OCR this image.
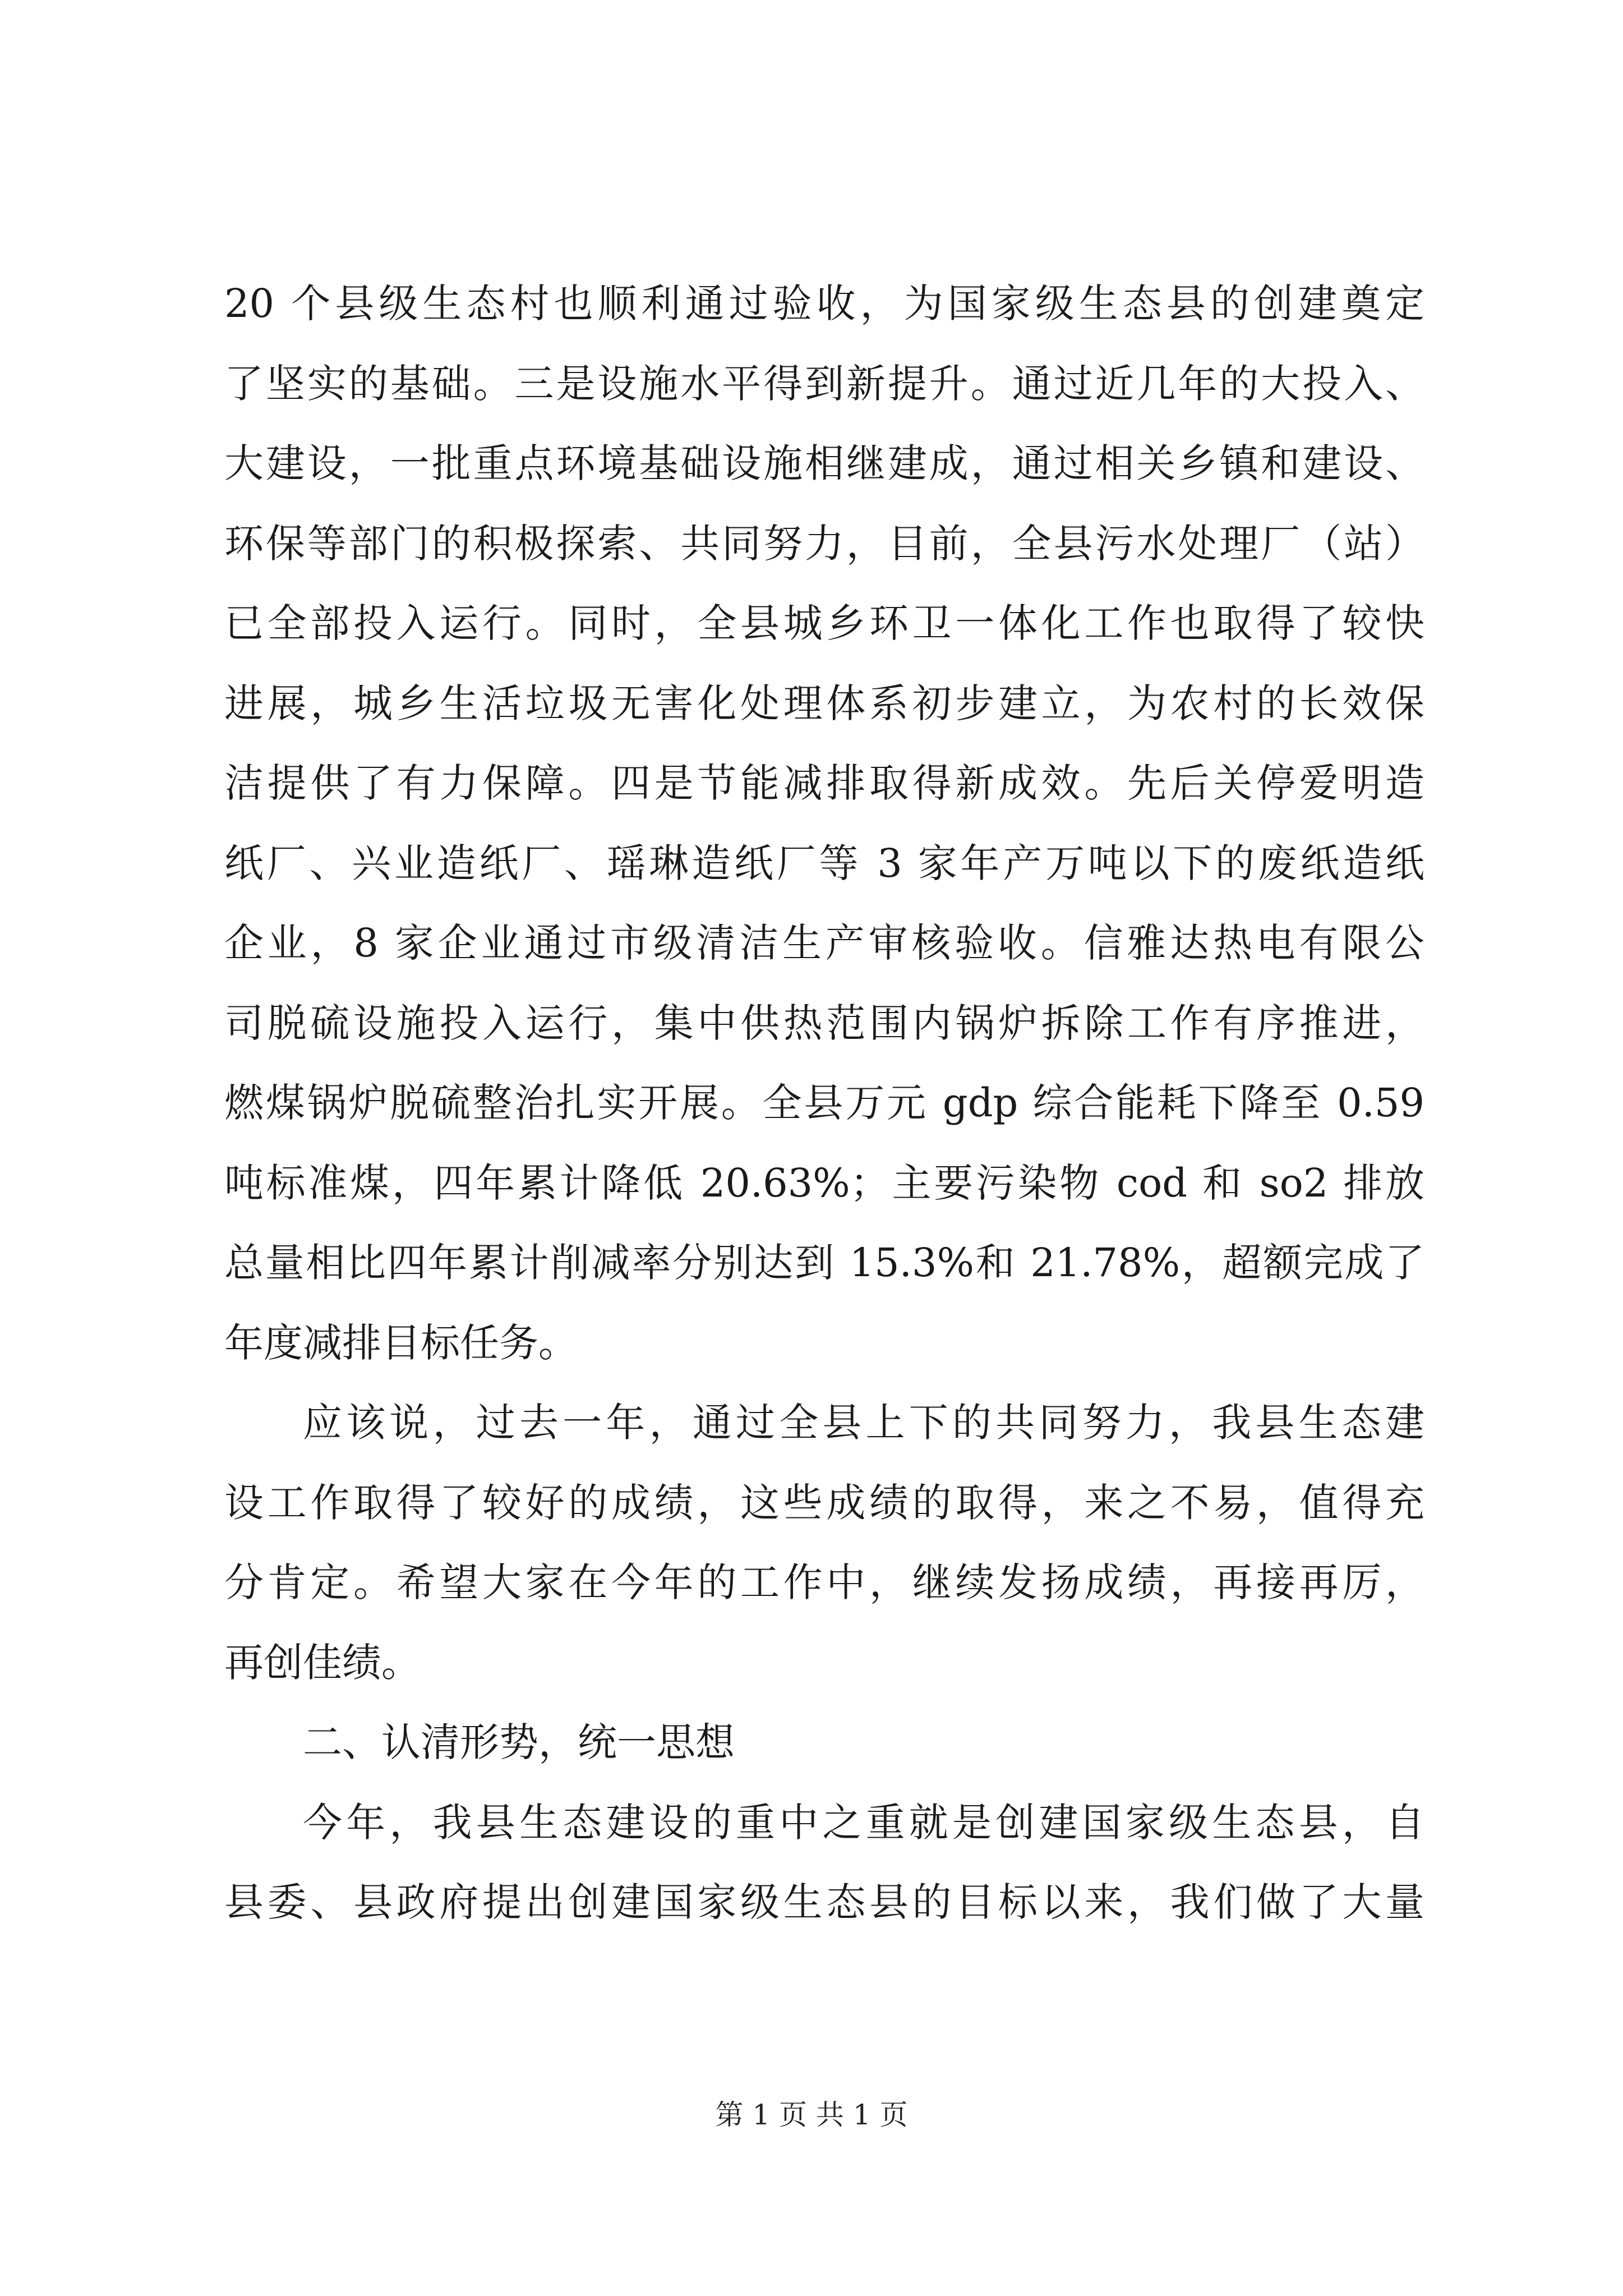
20 个县级生态村也顺利通过验收，为国家级生态县的创建奠定
了坚实的基础。三是设施水平得到新提升。通过近几年的大投入、
大建设，一批重点环境基础设施相继建成，通过相关乡镇和建设、
环保等部门的积极探索、共同努力，目前，全县污水处理厂（站）
已全部投入运行。同时，全县城乡环卫一体化工作也取得了较快
进展，城乡生活垃圾无害化处理体系初步建立，为农村的长效保
洁提供了有力保障。四是节能减排取得新成效。先后关停爱明造
纸厂、兴业造纸厂、瑶琳造纸厂等 3 家年产万吨以下的废纸造纸
企业，8 家企业通过市级清洁生产审核验收。信雅达热电有限公
司脱硫设施投入运行，集中供热范围内锅炉拆除工作有序推进，
燃煤锅炉脱硫整治扎实开展。全县万元 gdp 综合能耗下降至 0.59
吨标准煤，四年累计降低 20.63%；主要污染物 cod 和 so2 排放
总量相比四年累计削减率分别达到 15.3%和 21.78%，超额完成了
年度减排目标任务。
应该说，过去一年，通过全县上下的共同努力，我县生态建
设工作取得了较好的成绩，这些成绩的取得，来之不易，值得充
分肯定。希望大家在今年的工作中，继续发扬成绩，再接再厉，
再创佳绩。
二、认清形势，统一思想
今年，我县生态建设的重中之重就是创建国家级生态县，自
县委、县政府提出创建国家级生态县的目标以来，我们做了大量
第 1 页 共 1 页
